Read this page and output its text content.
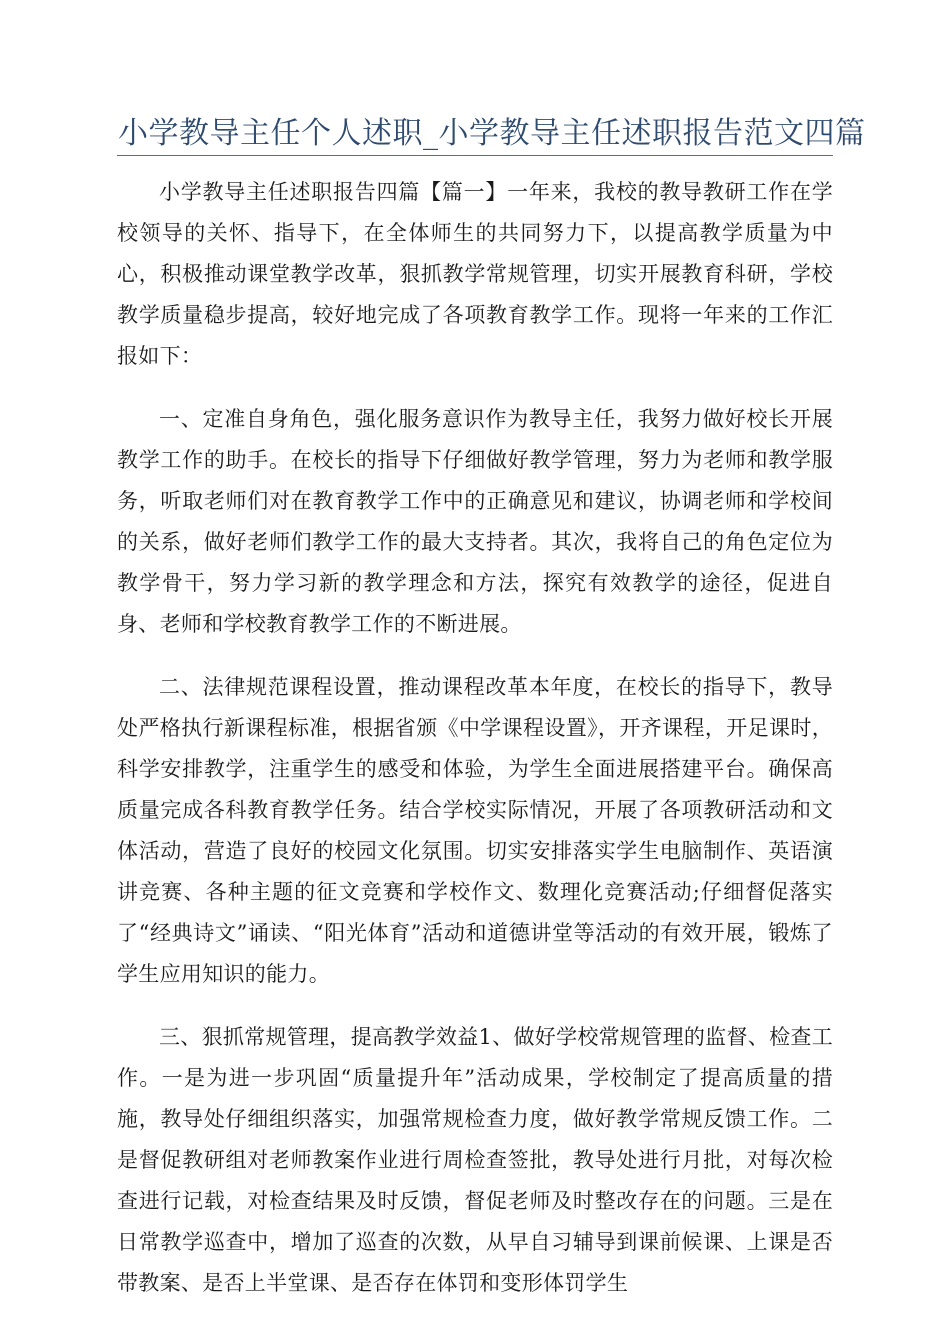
小学教导主任个人述职_小学教导主任述职报告范文四篇

小学教导主任述职报告四篇【篇一】一年来，我校的教导教研工作在学校领导的关怀、指导下，在全体师生的共同努力下，以提高教学质量为中心，积极推动课堂教学改革，狠抓教学常规管理，切实开展教育科研，学校教学质量稳步提高，较好地完成了各项教育教学工作。现将一年来的工作汇报如下：

一、定准自身角色，强化服务意识作为教导主任，我努力做好校长开展教学工作的助手。在校长的指导下仔细做好教学管理，努力为老师和教学服务，听取老师们对在教育教学工作中的正确意见和建议，协调老师和学校间的关系，做好老师们教学工作的最大支持者。其次，我将自己的角色定位为教学骨干，努力学习新的教学理念和方法，探究有效教学的途径，促进自身、老师和学校教育教学工作的不断进展。

二、法律规范课程设置，推动课程改革本年度，在校长的指导下，教导处严格执行新课程标准，根据省颁《中学课程设置》，开齐课程，开足课时，科学安排教学，注重学生的感受和体验，为学生全面进展搭建平台。确保高质量完成各科教育教学任务。结合学校实际情况，开展了各项教研活动和文体活动，营造了良好的校园文化氛围。切实安排落实学生电脑制作、英语演讲竞赛、各种主题的征文竞赛和学校作文、数理化竞赛活动;仔细督促落实了“经典诗文”诵读、“阳光体育”活动和道德讲堂等活动的有效开展，锻炼了学生应用知识的能力。

三、狠抓常规管理，提高教学效益1、做好学校常规管理的监督、检查工作。一是为进一步巩固“质量提升年”活动成果，学校制定了提高质量的措施，教导处仔细组织落实，加强常规检查力度，做好教学常规反馈工作。二是督促教研组对老师教案作业进行周检查签批，教导处进行月批，对每次检查进行记载，对检查结果及时反馈，督促老师及时整改存在的问题。三是在日常教学巡查中，增加了巡查的次数，从早自习辅导到课前候课、上课是否带教案、是否上半堂课、是否存在体罚和变形体罚学生
